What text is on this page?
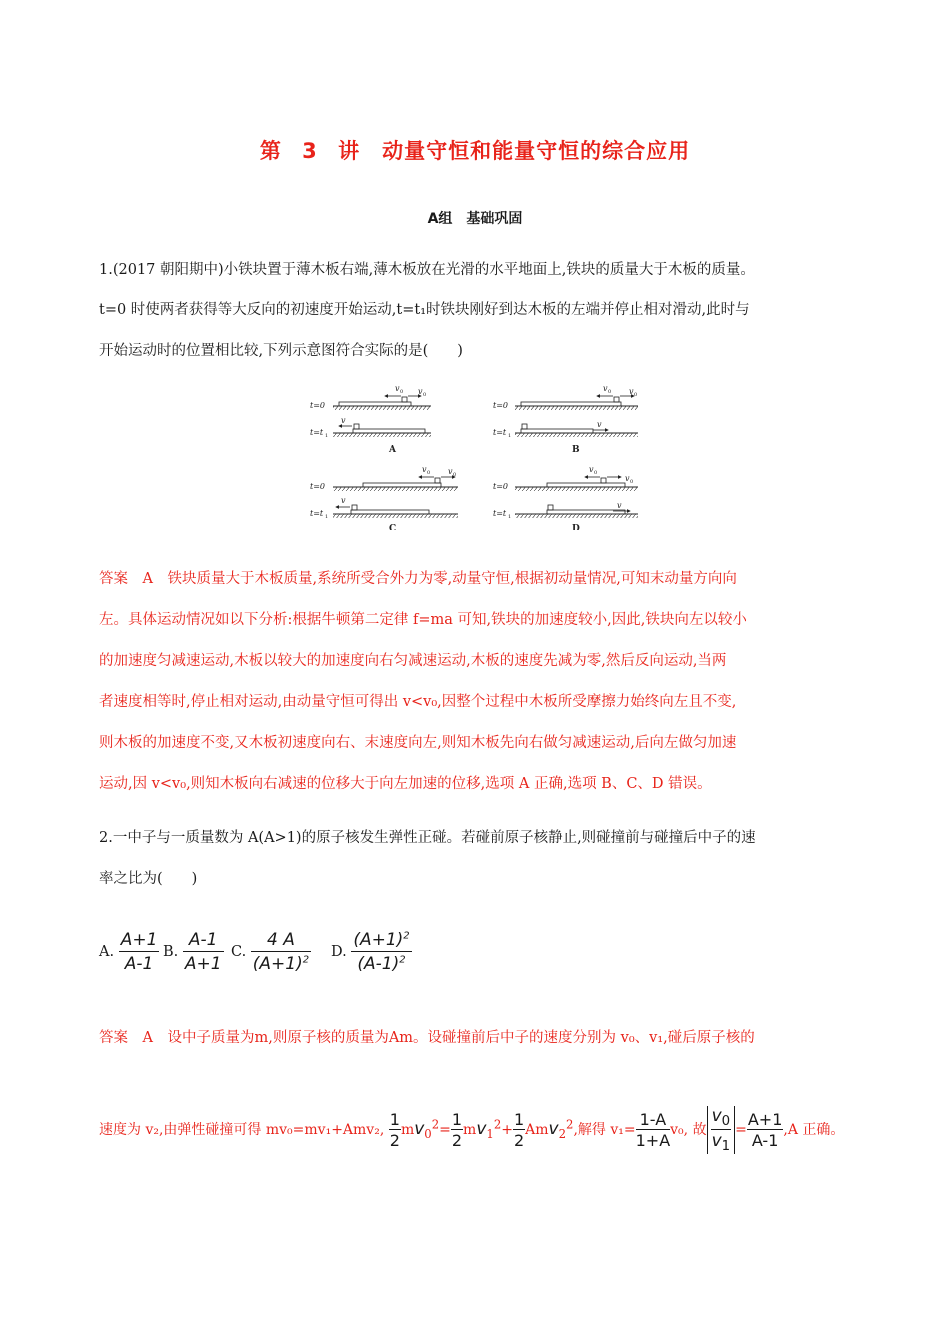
第 3 讲　动量守恒和能量守恒的综合应用
A组　基础巩固
1.(2017 朝阳期中)小铁块置于薄木板右端,薄木板放在光滑的水平地面上,铁块的质量大于木板的质量。
t=0 时使两者获得等大反向的初速度开始运动,t=t₁时铁块刚好到达木板的左端并停止相对滑动,此时与
开始运动时的位置相比较,下列示意图符合实际的是(　　)
t=0
v 0 v 0
t=t 1
v
A
t=0
v 0 v 0
t=t 1
v
B
t=0
v 0 v 0
t=t 1
v
C
t=0
v 0
v 0
t=t 1
v
D
答案　A　铁块质量大于木板质量,系统所受合外力为零,动量守恒,根据初动量情况,可知末动量方向向
左。具体运动情况如以下分析:根据牛顿第二定律 f=ma 可知,铁块的加速度较小,因此,铁块向左以较小
的加速度匀减速运动,木板以较大的加速度向右匀减速运动,木板的速度先减为零,然后反向运动,当两
者速度相等时,停止相对运动,由动量守恒可得出 v<v₀,因整个过程中木板所受摩擦力始终向左且不变,
则木板的加速度不变,又木板初速度向右、末速度向左,则知木板先向右做匀减速运动,后向左做匀加速
运动,因 v<v₀,则知木板向右减速的位移大于向左加速的位移,选项 A 正确,选项 B、C、D 错误。
2.一中子与一质量数为 A(A>1)的原子核发生弹性正碰。若碰前原子核静止,则碰撞前与碰撞后中子的速
率之比为(　　)
A. $\frac{A+1}{A-1} B$. $\frac{A-1}{A+1} C$. $\frac{4 A}{(A+1)^2} D$. $\frac{(A+1)^2}{(A-1)^2}$
答案　A　设中子质量为m,则原子核的质量为Am。设碰撞前后中子的速度分别为 v₀、v₁,碰后原子核的
速度为 v₂,由弹性碰撞可得 mv₀=mv₁+Amv₂, $\frac{1}{2} mv_0^2= \frac{1}{2} mv_1^2+ \frac{1}{2} Amv_2^2$,解得 $v_1= \frac{1-A}{1+A} v_0$, 故 $\frac{v_0}{v_1} = \frac{A+1}{A-1} ,A$ 正确。
